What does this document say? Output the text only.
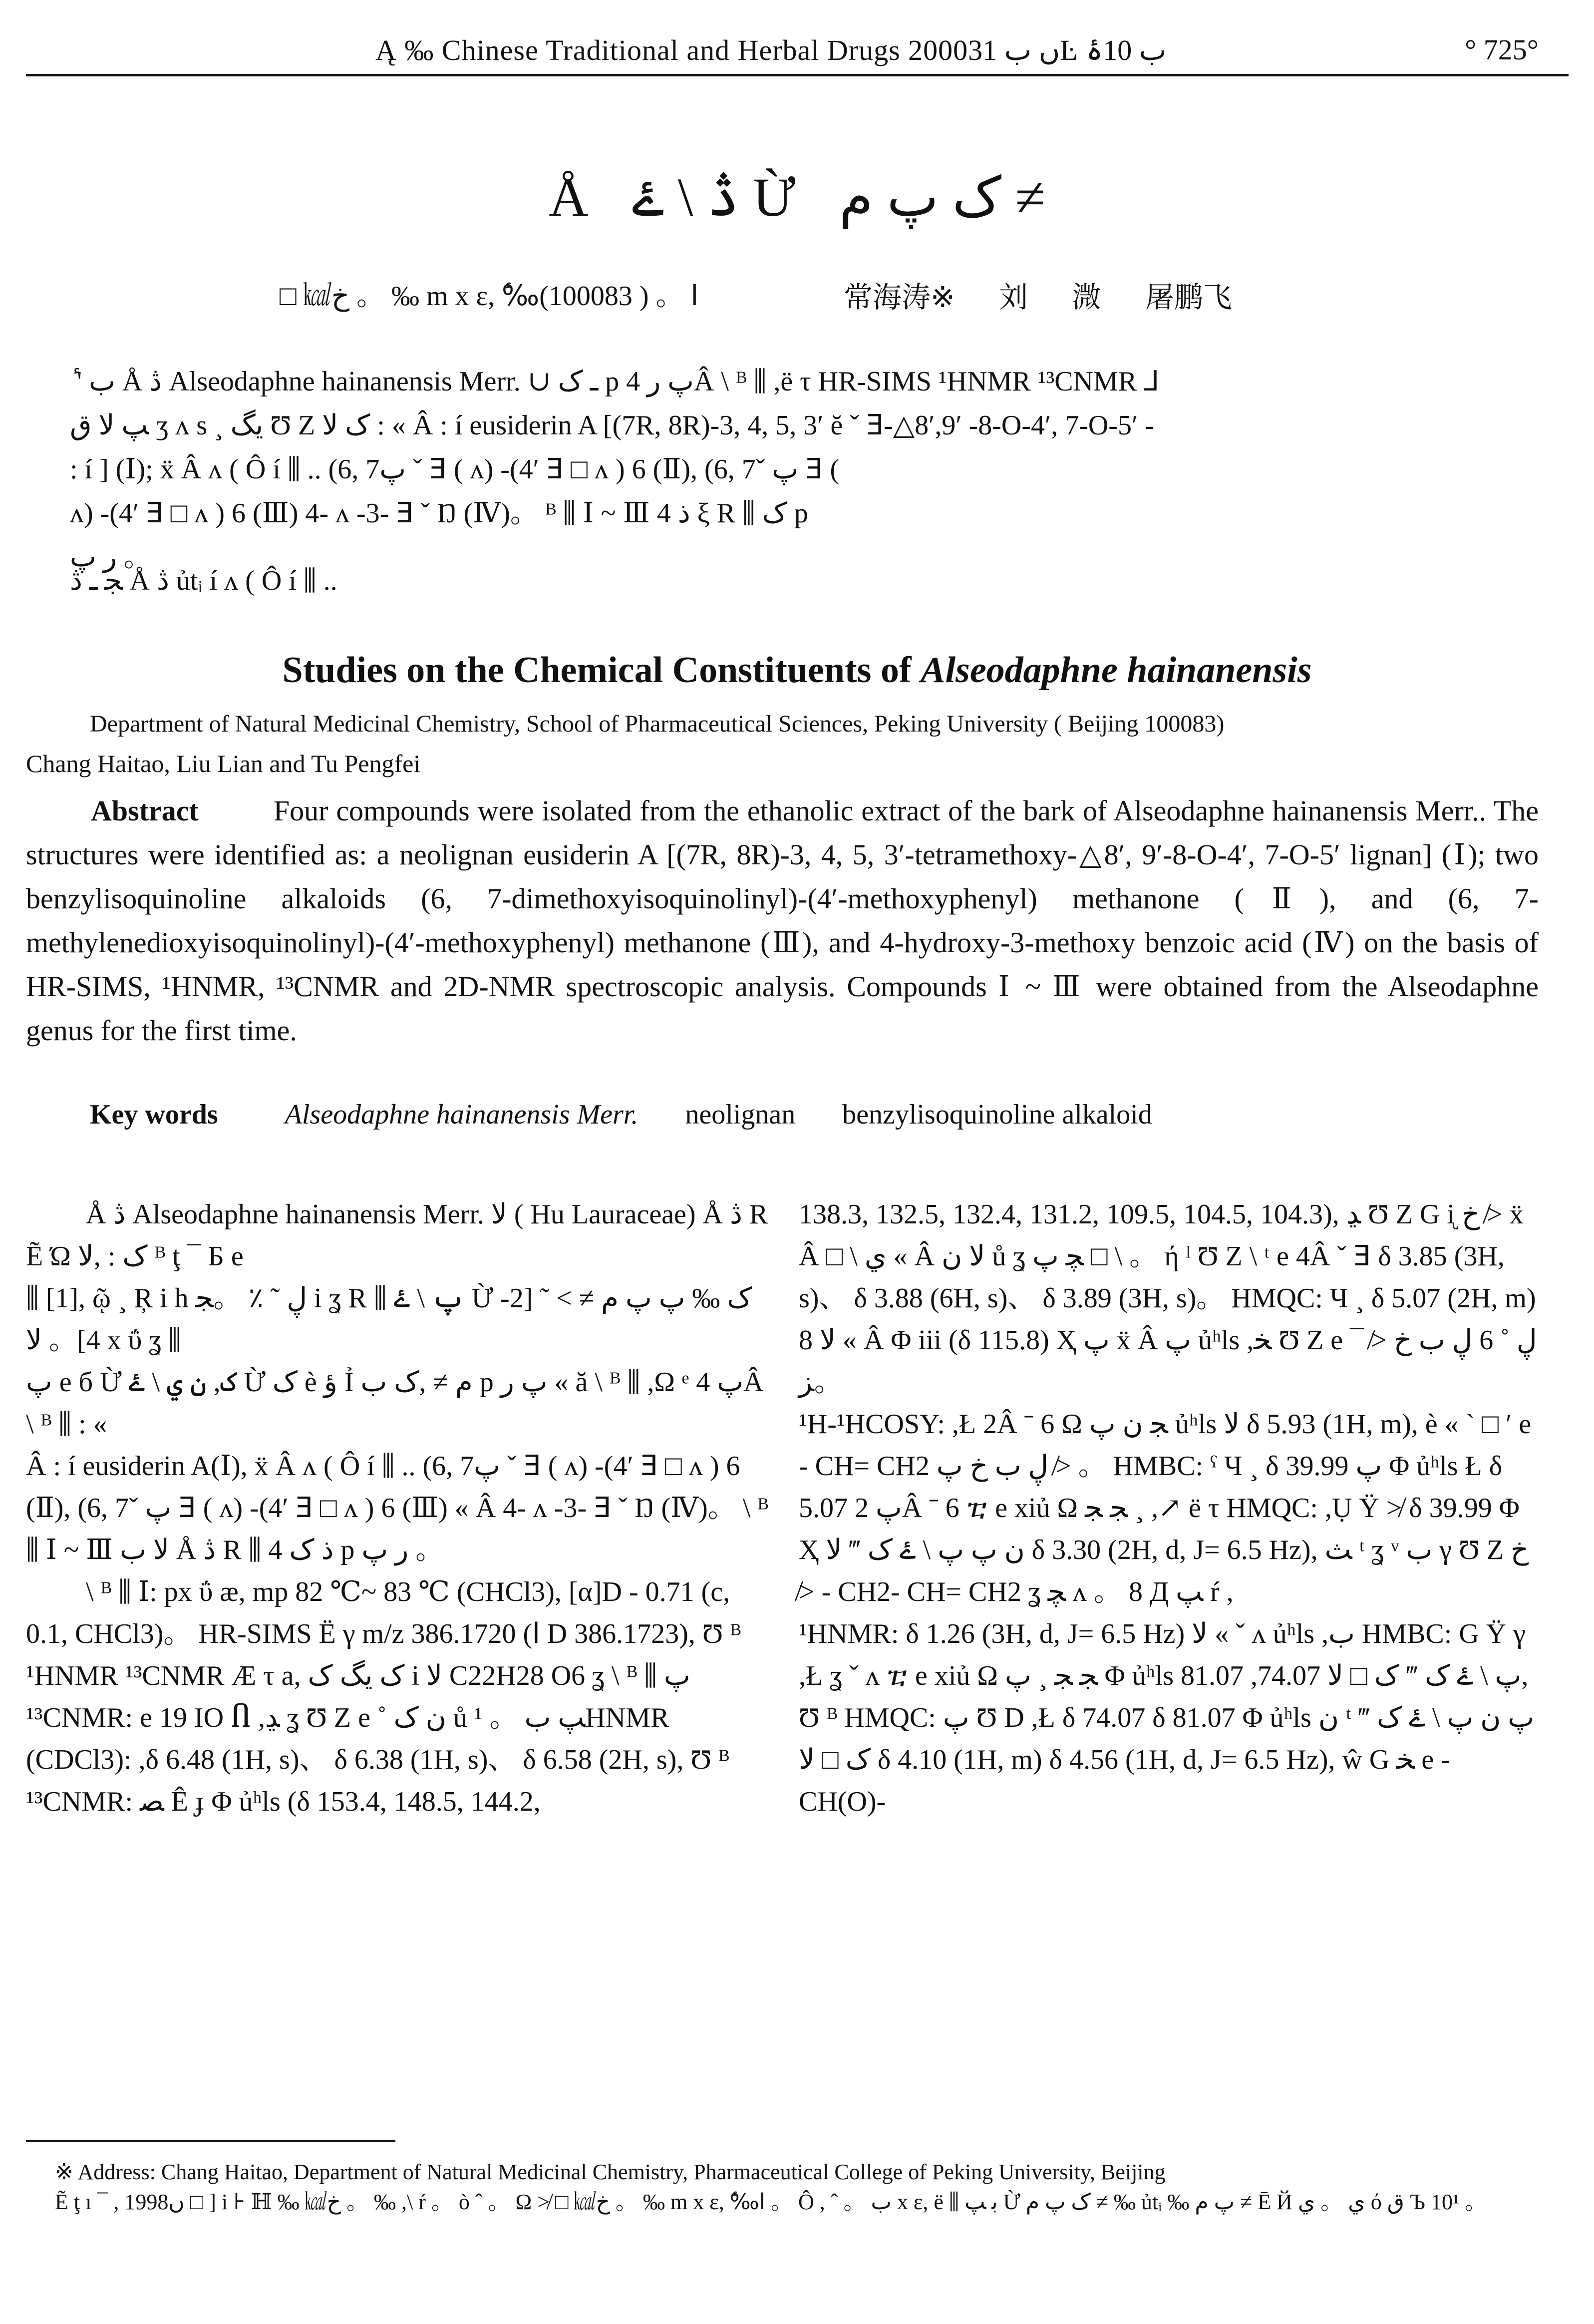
Ą ‰ Chinese Traditional and Herbal Drugs 2000ں ب 31Ŀ ب 10ۂ	° 725°
Å ڎ \ ۓ Ừ ک پ م ≠
□ ㎉خ 。 ‰ m x ε, ‰ٔا 。 ( 100083)	常海涛※ 刘 溦 屠鹏飞

ٔ ' ب Å ڎ Alseodaphne hainanensis Merr. ∪ ـ ک p پ ر 4Â \ ᴮ ⫼ ,ë τ HR-SIMS ¹HNMR ¹³CNMR ⅃

ﭗ لا ق ʒ ʌ s ¸ یگ Ʊ Z ک لا : « Â : í eusiderin A [(7R, 8R)-3, 4, 5, 3′ ĕ ˇ ⴺ-△8′,9′ -8-O-4′, 7-O-5′ -

: í ] (Ⅰ); ẍ Â ʌ ( Ô í ⫼ .. (6, 7ﭖ ˇ ⴺ ( ʌ) -(4′ ⴺ □ ʌ ) 6 (Ⅱ), (6, 7ˇ ﭖ ⴺ (

ʌ) -(4′ ⴺ □ ʌ ) 6 (Ⅲ) 4- ʌ -3- ⴺ ˇ Ŋ (Ⅳ)。 ᴮ ⫼ Ⅰ ~ Ⅲ 4 ذ ξ R ⫼ ک p

ر پ 。

ﺠ ـ ڎ Å ڎ ủtᵢ í ʌ ( Ô í ⫼ ..
Studies on the Chemical Constituents of Alseodaphne hainanensis
Department of Natural Medicinal Chemistry, School of Pharmaceutical Sciences, Peking University ( Beijing 100083)
Chang Haitao, Liu Lian and Tu Pengfei

Abstract	Four compounds were isolated from the ethanolic extract of the bark of Alseodaphne hainanensis Merr.. The structures were identified as: a neolignan eusiderin A [(7R, 8R)-3, 4, 5, 3′-tetramethoxy-△8′, 9′-8-O-4′, 7-O-5′ lignan] (Ⅰ); two benzylisoquinoline alkaloids (6, 7-dimethoxyisoquinolinyl)-(4′-methoxyphenyl) methanone (Ⅱ), and (6, 7-methylenedioxyisoquinolinyl)-(4′-methoxyphenyl) methanone (Ⅲ), and 4-hydroxy-3-methoxy benzoic acid (Ⅳ) on the basis of HR-SIMS, ¹HNMR, ¹³CNMR and 2D-NMR spectroscopic analysis. Compounds Ⅰ ~ Ⅲ were obtained from the Alseodaphne genus for the first time.

Key words Alseodaphne hainanensis Merr. neolignan benzylisoquinoline alkaloid

Å ڎ Alseodaphne hainanensis Merr. لا ( Hu Lauraceae) Å ڎ R Ẽ Ώ ک : ,لا ᴮ ţ ¯ Б e

⫼ [1], ῷ ¸ Ŗ i h ڸ ˜ ٪ 。ﺠ i ʓ R ⫼ پ \ ۓ Ừ ک ‰ ﭖ پ م ≠ > ˜ [2-4]。 لا x ΰ ʓ ⫼

پ e б Ừ ک, ن ي \ ۓ Ừ ک è ؤ Ỉ م ≠ ,ک ب p پ ر « ă \ ᴮ ⫼ ,Ω ᵉ پ 4Â \ ᴮ ⫼ : «

Â : í eusiderin A(Ⅰ), ẍ Â ʌ ( Ô í ⫼ .. (6, 7ﭖ ˇ ⴺ ( ʌ) -(4′ ⴺ □ ʌ ) 6 (Ⅱ), (6, 7ˇ ﭖ ⴺ ( ʌ) -(4′ ⴺ □ ʌ ) 6 (Ⅲ) « Â 4- ʌ -3- ⴺ ˇ Ŋ (Ⅳ)。 \ ᴮ ⫼ Ⅰ ~ Ⅲ لا ب Å ڎ R ⫼ 4 ذ ک p ر پ 。

\ ᴮ ⫼ Ⅰ: px ΰ ӕ, mp 82 ℃~ 83 ℃ (CHCl3), [α]D - 0.71 (c, 0.1, CHCl3)。 HR-SIMS Ë γ m/z 386.1720 (ﺍ D 386.1723), Ʊ ᴮ ¹HNMR ¹³CNMR Æ τ a, ک يگ ک i لا C22H28 O6 ʓ \ ᴮ ⫼ پ ¹³CNMR: e 19 ΙO Ⴖ ,ﮃ ʓ Ʊ Z e ˚ ن ک ů ﭗ ﺏ 。 ¹HNMR (CDCl3): ,δ 6.48 (1H, s)、 δ 6.38 (1H, s)、 δ 6.58 (2H, s), Ʊ ᴮ ¹³CNMR: ﺼ Ê ɟ Φ ủʰls (δ 153.4, 148.5, 144.2,

138.3, 132.5, 132.4, 131.2, 109.5, 104.5, 104.3), ﮃ Ʊ Z G ᶖ ﺥ ≯ ẍ Â □ \ ي « Â لا ن ů ʓ ﭽ پ □ \ 。 ή ˡ Ʊ Z \ ᵗ e 4Â ˇ ⴺ δ 3.85 (3H, s)、 δ 3.88 (6H, s)、 δ 3.89 (3H, s)。 HMQC: Ч ¸ δ 5.07 (2H, m) لا 8 « Â Φ iii (δ 115.8) Ҳ پ ẍ Â پ ủʰls ,ﺨ Ʊ Z e ¯ ڸ ˚ 6 ڸ ﺏ ﺥ ≯ 。ﺰ

¹H-¹HCOSY: ,Ł 2Â ˉ 6 Ω ﺠ ن پ ủʰls لا δ 5.93 (1H, m), è « ` □ ′ e - CH= CH2 ڸ ﺏ ﺥ پ ≯ 。 HMBC: ˁ Ч ¸ δ 39.99 پ Φ ủʰls Ł δ 5.07 پ 2Â ˉ 6 ⴀ e xiủ Ω ﺠ ﺠ ¸ ,↗ ё τ HMQC: ,Ụ Ÿ ≯ δ 39.99 Φ Ҳ ن پ پ \ ۓ ک ‴ لا δ 3.30 (2H, d, J= 6.5 Hz), ﺚ ᵗ ʓ ᵛ ﺏ γ Ʊ Z ﺥ ≯ - CH2- CH= CH2 ʓ ﭽ ʌ 。 8 Д ﭗ ŕ ,

¹HNMR: δ 1.26 (3H, d, J= 6.5 Hz) لا « ˇ ʌ ủʰls ,ب HMBC: G Ÿ γ ,Ł ʓ ˇ ʌ ⴀ e xiủ Ω ﺠ ﺠ ¸ پ Φ ủʰls پ \ ۓ ک ‴ ک □ لا 74.07, 81.07, Ʊ ᴮ HMQC: پ Ʊ D ,Ł δ 74.07 δ 81.07 Φ ủʰls ن ᵗ پ ن پ \ ۓ ک ‴ ک □ لا δ 4.10 (1H, m) δ 4.56 (1H, d, J= 6.5 Hz), ŵ G ﺨ e - CH(O)-

※ Address: Chang Haitao, Department of Natural Medicinal Chemistry, Pharmaceutical College of Peking University, Beijing

Ẽ ţ ı ¯ , 1998ں □ ] i ⊦ ℍ ‰ ㎉خ 。 ‰ ,\ ŕ 。 ò ˆ 。 Ω ≯ □ ㎉خ 。 ‰ m x ε, ‰ٔا 。 Ô , ˆ 。 ب x ε, ё ⫼ ﺑ ﭗ Ừ ک پ م ≠ ‰ ủtᵢ ‰ پ م ≠ Ē Й ي 。 ي ό ق Ъ 10¹ 。
